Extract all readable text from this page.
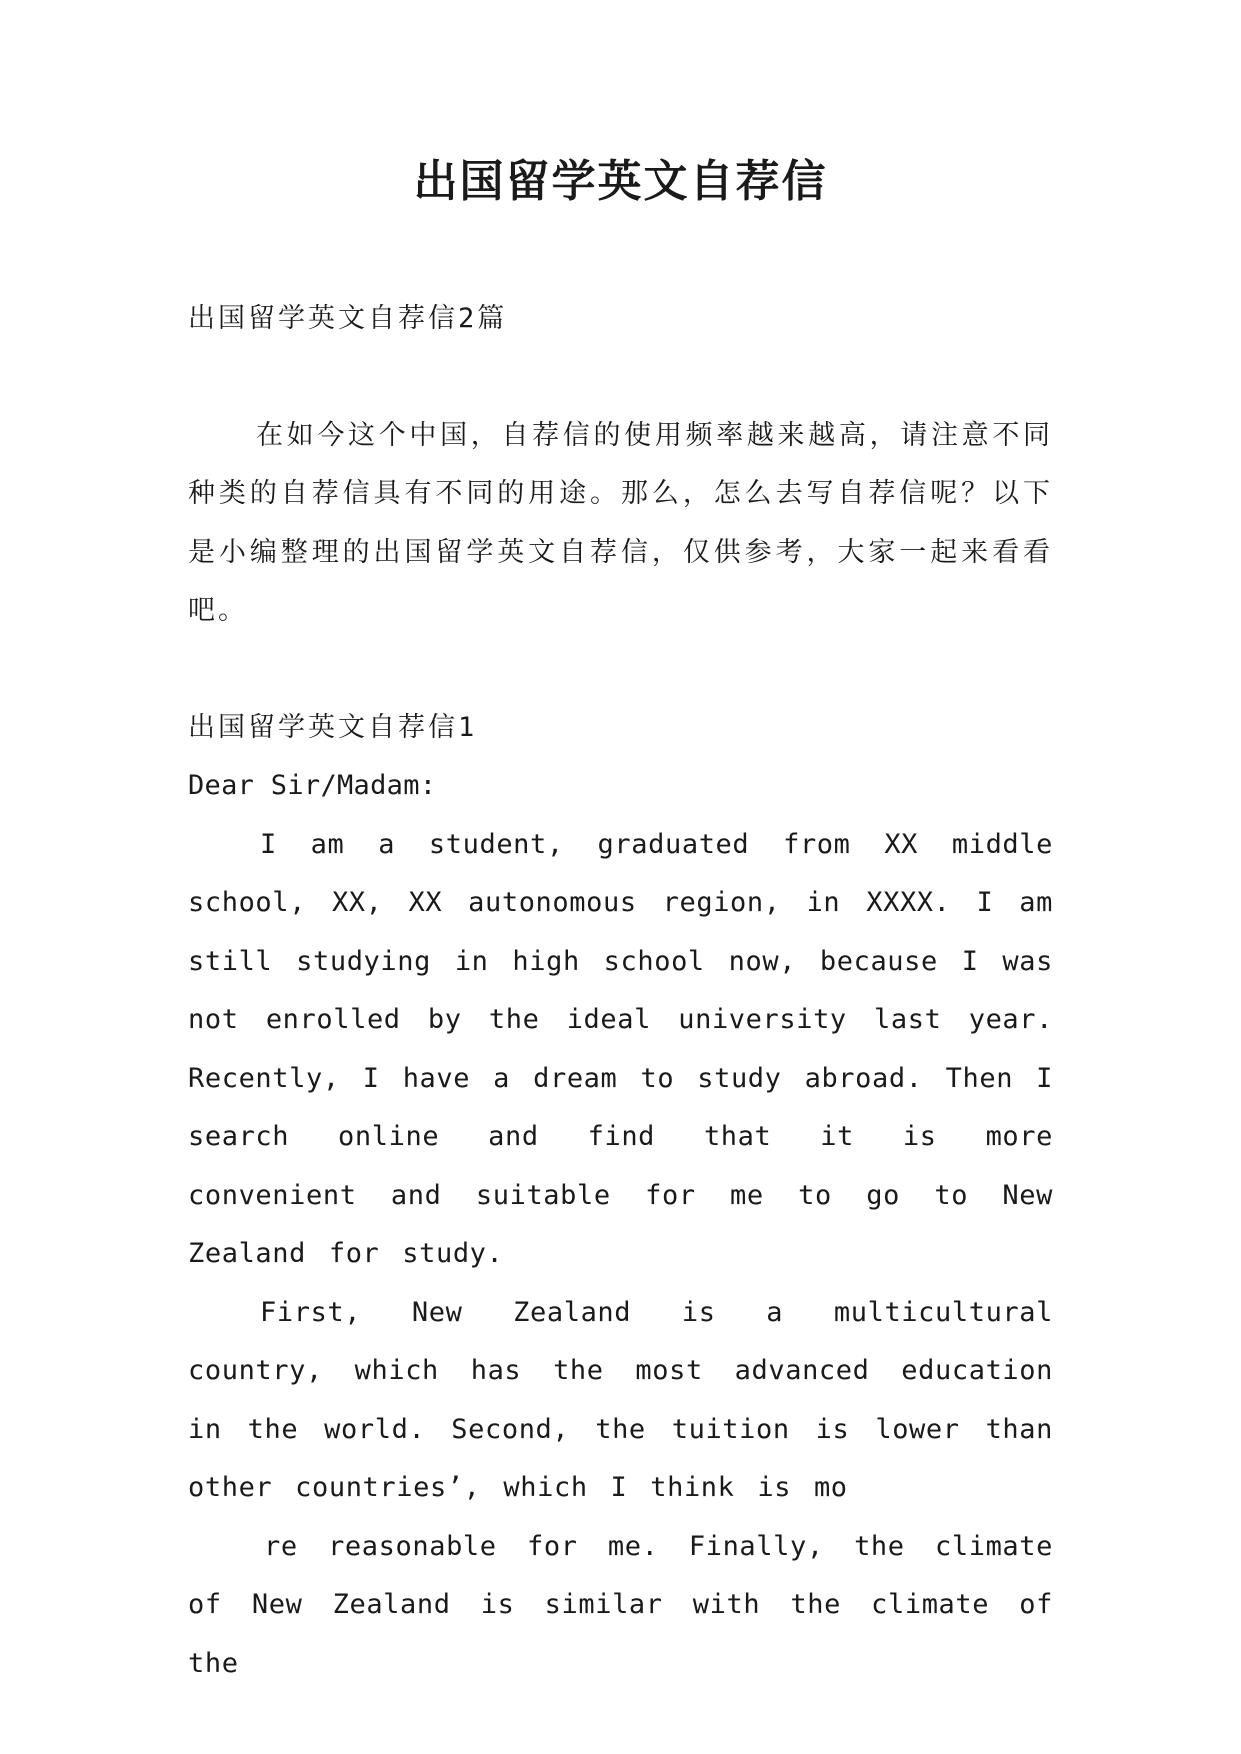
出国留学英文自荐信

出国留学英文自荐信2篇

在如今这个中国，自荐信的使用频率越来越高，请注意不同种类的自荐信具有不同的用途。那么，怎么去写自荐信呢？以下是小编整理的出国留学英文自荐信，仅供参考，大家一起来看看吧。

出国留学英文自荐信1

Dear Sir/Madam:

I am a student, graduated from XX middle school, XX, XX autonomous region, in XXXX. I am still studying in high school now, because I was not enrolled by the ideal university last year. Recently, I have a dream to study abroad. Then I search online and find that it is more convenient and suitable for me to go to New Zealand for study.

First, New Zealand is a multicultural country, which has the most advanced education in the world. Second, the tuition is lower than other countries’, which I think is mo

re reasonable for me. Finally, the climate of New Zealand is similar with the climate of the
